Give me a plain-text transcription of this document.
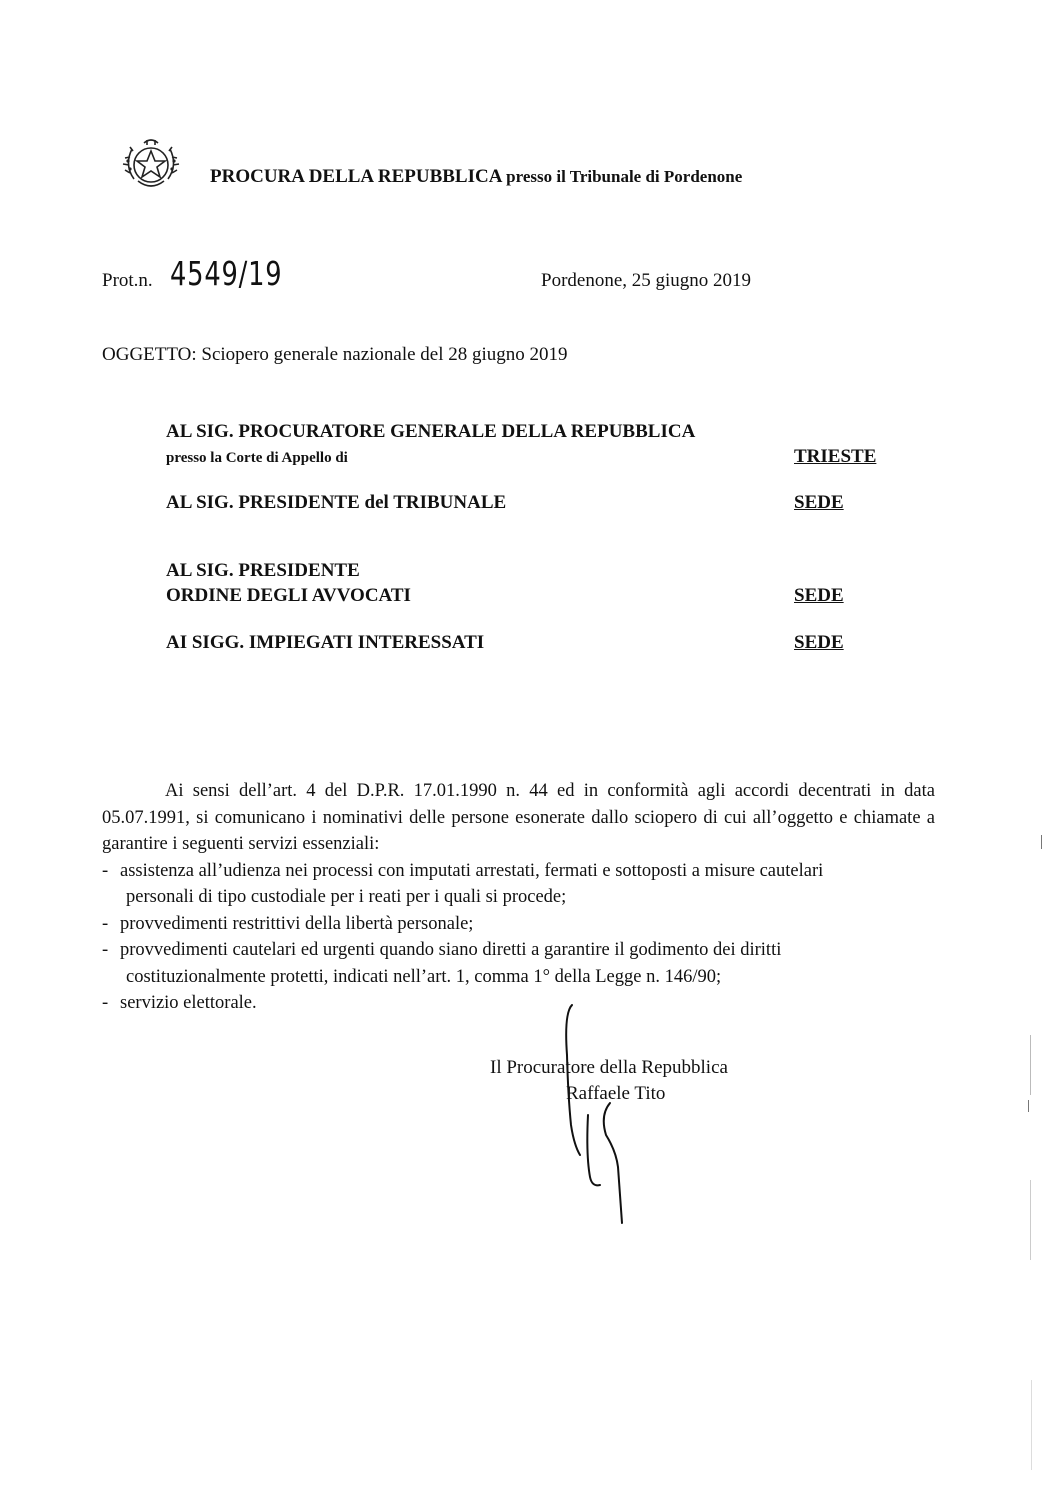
PROCURA DELLA REPUBBLICA presso il Tribunale di Pordenone
Prot.n. 4549/19	Pordenone, 25 giugno 2019
OGGETTO: Sciopero generale nazionale del 28 giugno 2019
AL SIG. PROCURATORE GENERALE DELLA REPUBBLICA
presso la Corte di Appello di	TRIESTE
AL SIG. PRESIDENTE del TRIBUNALE	SEDE
AL SIG. PRESIDENTE
ORDINE DEGLI AVVOCATI	SEDE
AI SIGG. IMPIEGATI INTERESSATI	SEDE

Ai sensi dell’art. 4 del D.P.R. 17.01.1990 n. 44 ed in conformità agli accordi decentrati in data 05.07.1991, si comunicano i nominativi delle persone esonerate dallo sciopero di cui all’oggetto e chiamate a garantire i seguenti servizi essenziali:

- assistenza all’udienza nei processi con imputati arrestati, fermati e sottoposti a misure cautelari
personali di tipo custodiale per i reati per i quali si procede;
- provvedimenti restrittivi della libertà personale;
- provvedimenti cautelari ed urgenti quando siano diretti a garantire il godimento dei diritti
costituzionalmente protetti, indicati nell’art. 1, comma 1° della Legge n. 146/90;
- servizio elettorale.
Il Procuratore della Repubblica
Raffaele Tito
